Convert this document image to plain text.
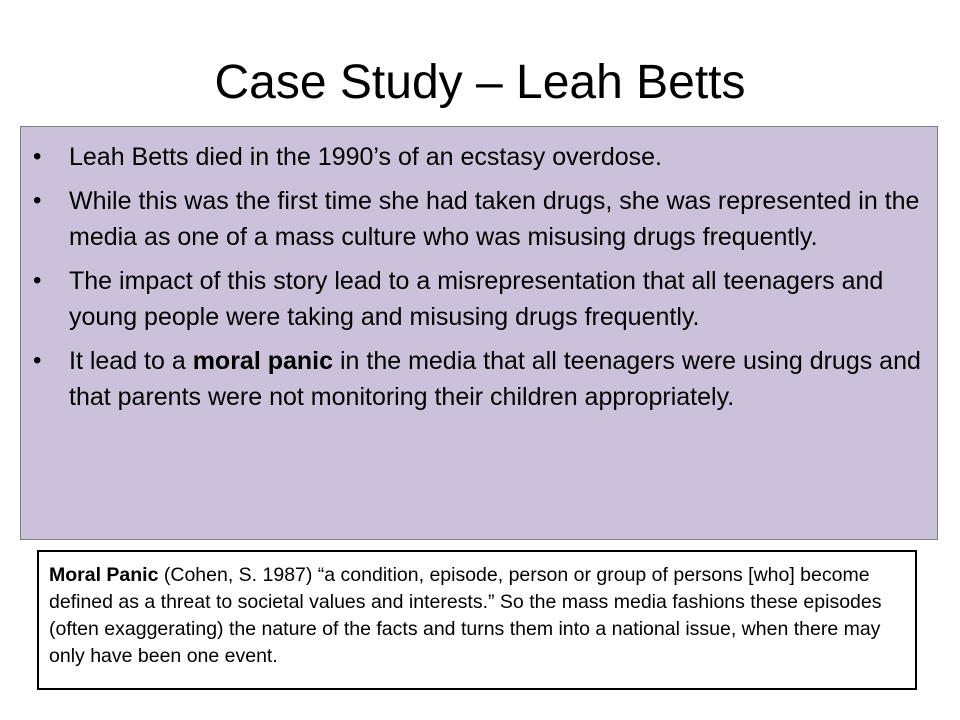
Case Study – Leah Betts
•	Leah Betts died in the 1990’s of an ecstasy overdose.
•	While this was the first time she had taken drugs, she was represented in the media as one of a mass culture who was misusing drugs frequently.
•	The impact of this story lead to a misrepresentation that all teenagers and young people were taking and misusing drugs frequently.
•	It lead to a moral panic in the media that all teenagers were using drugs and that parents were not monitoring their children appropriately.
Moral Panic (Cohen, S. 1987) “a condition, episode, person or group of persons [who] become defined as a threat to societal values and interests.” So the mass media fashions these episodes (often exaggerating) the nature of the facts and turns them into a national issue, when there may only have been one event.
